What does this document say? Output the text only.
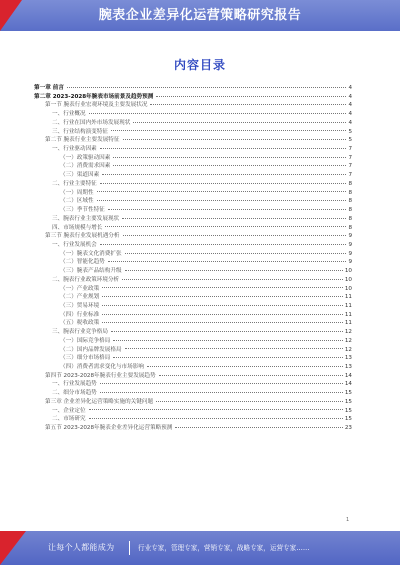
腕表企业差异化运营策略研究报告
内容目录
第一章 前言	4
第二章 2023-2028年腕表市场前景及趋势预测	4
第一节 腕表行业宏观环境及主要发展状况	4
一、行业概况	4
二、行业在国内外市场发展现状	4
三、行业结构演变特征	5
第二节 腕表行业主要发展特征	5
一、行业驱动因素	7
（一）政策驱动因素	7
（二）消费需求因素	7
（三）渠道因素	7
二、行业主要特征	8
（一）周期性	8
（二）区域性	8
（三）季节性特征	8
三、腕表行业主要发展现状	8
四、市场规模与增长	8
第三节 腕表行业发展机遇分析	9
一、行业发展机会	9
（一）腕表文化消费扩张	9
（二）智能化趋势	9
（三）腕表产品结构升级	10
二、腕表行业政策环境分析	10
（一）产业政策	10
（二）产业规划	11
（三）贸易环境	11
（四）行业标准	11
（五）税收政策	11
三、腕表行业竞争格局	12
（一）国际竞争格局	12
（二）国内品牌发展格局	12
（三）细分市场格局	13
（四）消费者需求变化与市场影响	13
第四节 2023-2028年腕表行业主要发展趋势	14
一、行业发展趋势	14
二、细分市场趋势	15
第三章 企业差异化运营策略实施的关键问题	15
一、企业定位	15
二、市场研究	15
第五节 2023-2028年腕表企业差异化运营策略预测	23
1
让每个人都能成为	行业专家，管理专家，营销专家，战略专家，运营专家……
